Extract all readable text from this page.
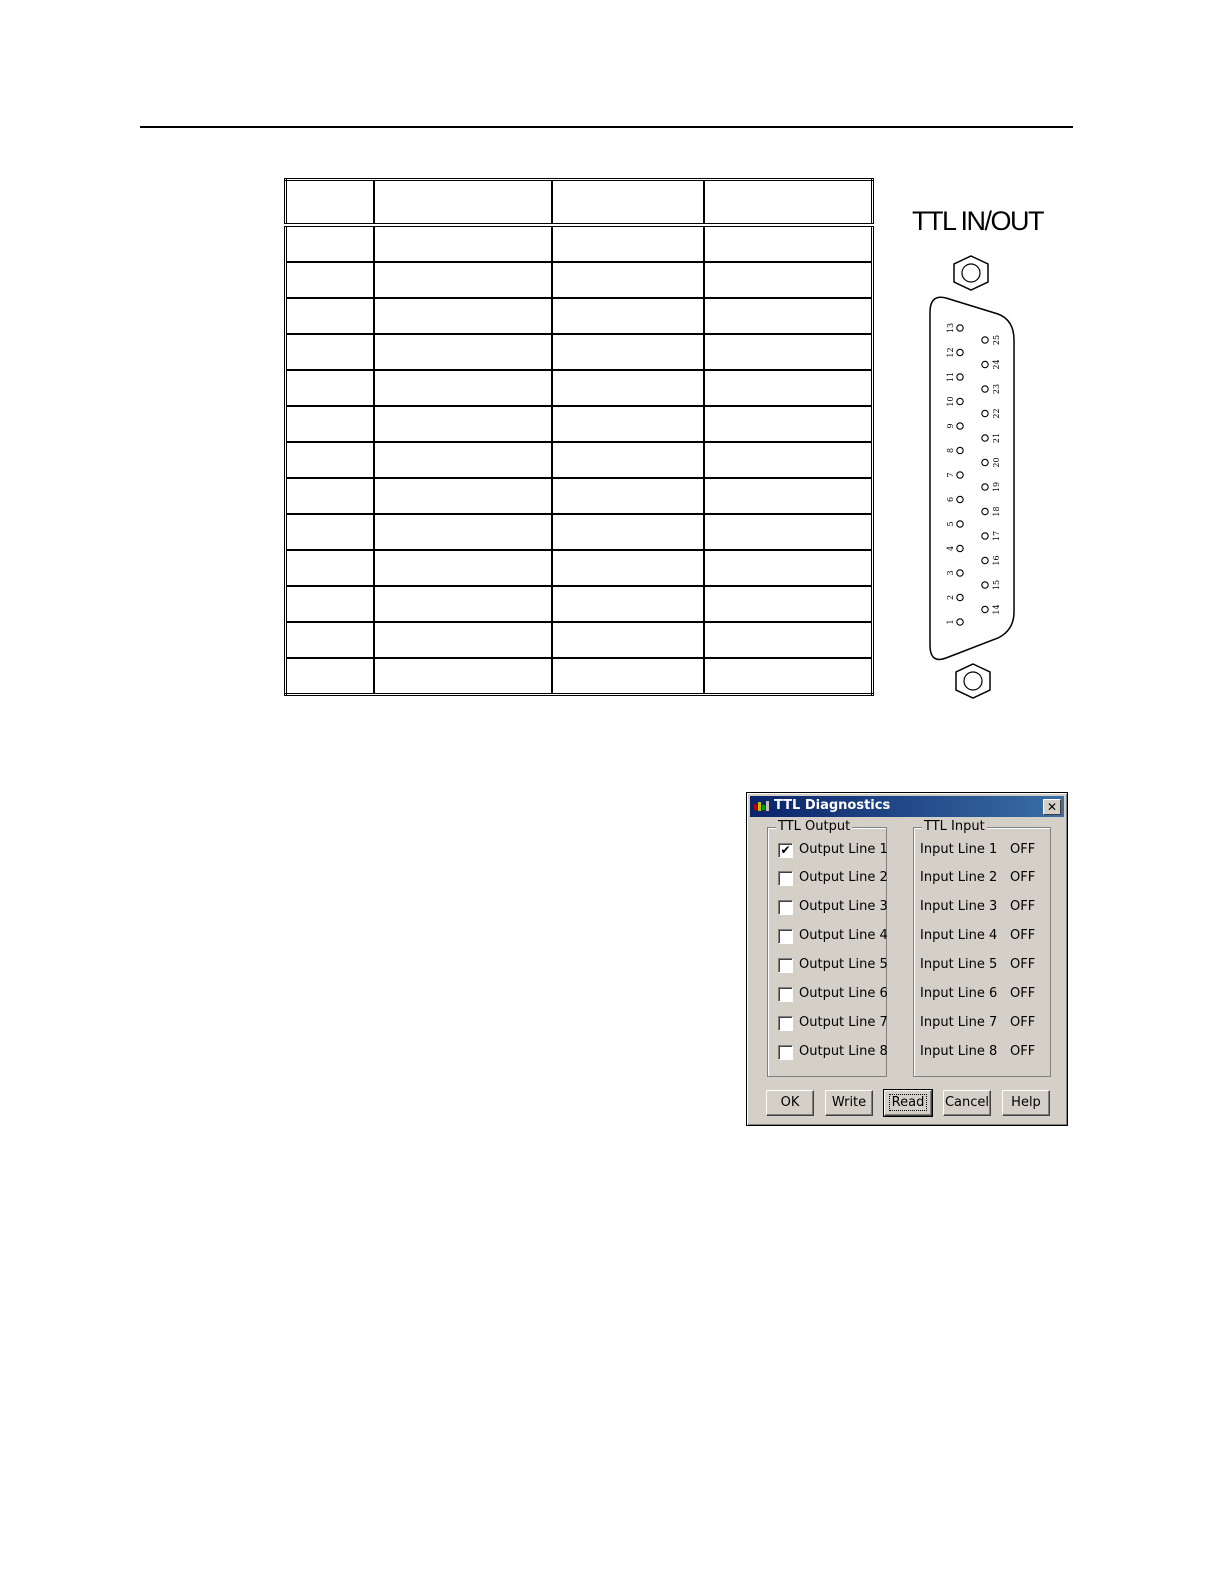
TTL IN/OUT
13
12
11
10
9
8
7
6
5
4
3
2
1
25
24
23
22
21
20
19
18
17
16
15
14
TTL Diagnostics	✕
TTL Output
✔ Output Line 1
Output Line 2
Output Line 3
Output Line 4
Output Line 5
Output Line 6
Output Line 7
Output Line 8
TTL Input
Input Line 1 OFF
Input Line 2 OFF
Input Line 3 OFF
Input Line 4 OFF
Input Line 5 OFF
Input Line 6 OFF
Input Line 7 OFF
Input Line 8 OFF
OK	Write	Read	Cancel	Help
